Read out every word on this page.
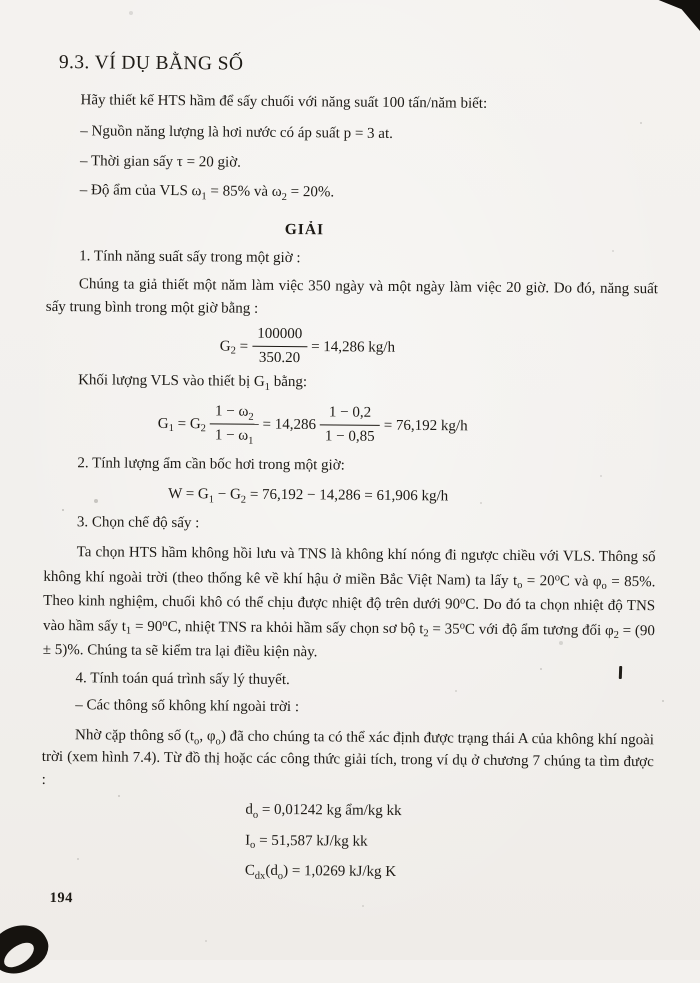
9.3. VÍ DỤ BẰNG SỐ
Hãy thiết kế HTS hầm để sấy chuối với năng suất 100 tấn/năm biết:
– Nguồn năng lượng là hơi nước có áp suất p = 3 at.
– Thời gian sấy τ = 20 giờ.
– Độ ẩm của VLS $\omega_1 = 85\%$ và $\omega_2 = 20\%$.
GIẢI
1. Tính năng suất sấy trong một giờ :
Chúng ta giả thiết một năm làm việc 350 ngày và một ngày làm việc 20 giờ. Do đó, năng suất sấy trung bình trong một giờ bằng :
$G_2 = \frac{100000}{350.20} = 14,286$ kg/h
Khối lượng VLS vào thiết bị $G_1$ bằng:
$G_1 = G_2 \frac{1 - \omega_2}{1 - \omega_1} = 14,286 \frac{1 - 0,2}{1 - 0,85} = 76,192$ kg/h
2. Tính lượng ẩm cần bốc hơi trong một giờ:
$W = G_1 - G_2 = 76,192 - 14,286 = 61,906$ kg/h
3. Chọn chế độ sấy :
Ta chọn HTS hầm không hồi lưu và TNS là không khí nóng đi ngược chiều với VLS. Thông số không khí ngoài trời (theo thống kê về khí hậu ở miền Bắc Việt Nam) ta lấy $t_o = 20^oC$ và $\varphi_o = 85\%$. Theo kinh nghiệm, chuối khô có thể chịu được nhiệt độ trên dưới 90$^o$C. Do đó ta chọn nhiệt độ TNS vào hầm sấy $t_1 = 90^oC$, nhiệt TNS ra khỏi hầm sấy chọn sơ bộ $t_2 = 35^oC$ với độ ẩm tương đối $\varphi_2 = (90 \pm 5)\%$. Chúng ta sẽ kiểm tra lại điều kiện này.
4. Tính toán quá trình sấy lý thuyết.
– Các thông số không khí ngoài trời :
Nhờ cặp thông số ($t_o$, $\varphi_o$) đã cho chúng ta có thể xác định được trạng thái A của không khí ngoài trời (xem hình 7.4). Từ đồ thị hoặc các công thức giải tích, trong ví dụ ở chương 7 chúng ta tìm được :
$d_o = 0,01242$ kg ẩm/kg kk
$I_o = 51,587$ kJ/kg kk
$C_{dx}(d_o) = 1,0269$ kJ/kg K
194
